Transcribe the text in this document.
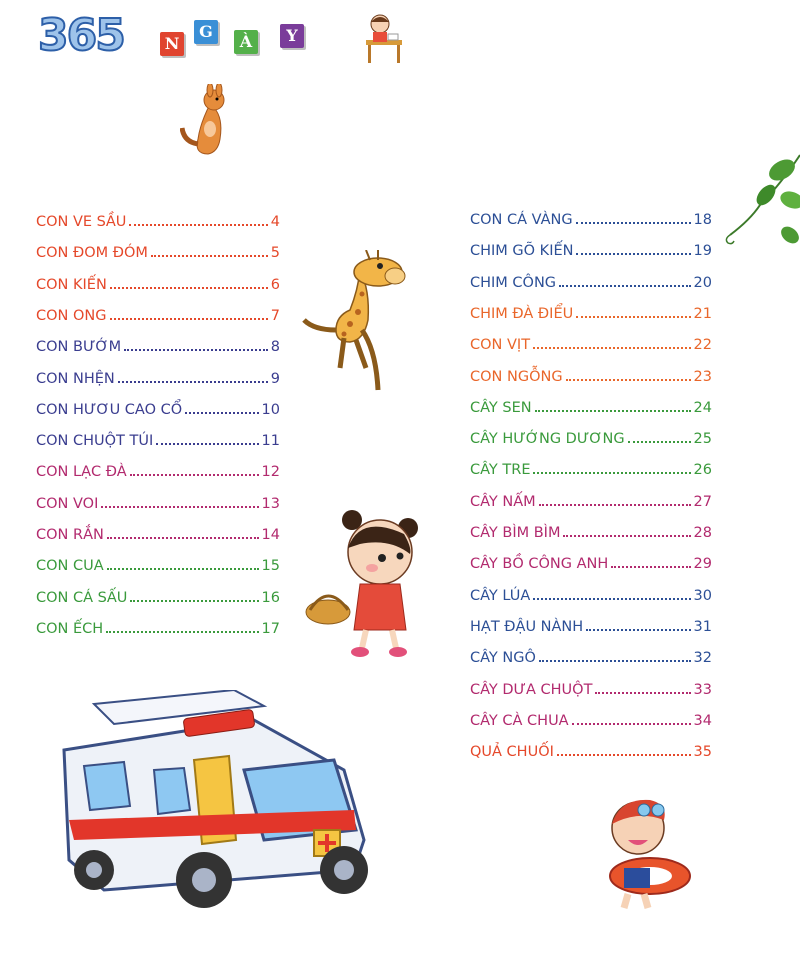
365	N
G
À	Y
CON VE SẦU	4
CON ĐOM ĐÓM	5
CON KIẾN	6
CON ONG	7
CON BƯỚM	8
CON NHỆN	9
CON HƯƠU CAO CỔ	10
CON CHUỘT TÚI	11
CON LẠC ĐÀ	12
CON VOI	13
CON RẮN	14
CON CUA	15
CON CÁ SẤU	16
CON ẾCH	17
CON CÁ VÀNG	18
CHIM GÕ KIẾN	19
CHIM CÔNG	20
CHIM ĐÀ ĐIỂU	21
CON VỊT	22
CON NGỖNG	23
CÂY SEN	24
CÂY HƯỚNG DƯƠNG	25
CÂY TRE	26
CÂY NẤM	27
CÂY BÌM BÌM	28
CÂY BỒ CÔNG ANH	29
CÂY LÚA	30
HẠT ĐẬU NÀNH	31
CÂY NGÔ	32
CÂY DƯA CHUỘT	33
CÂY CÀ CHUA	34
QUẢ CHUỐI	35
